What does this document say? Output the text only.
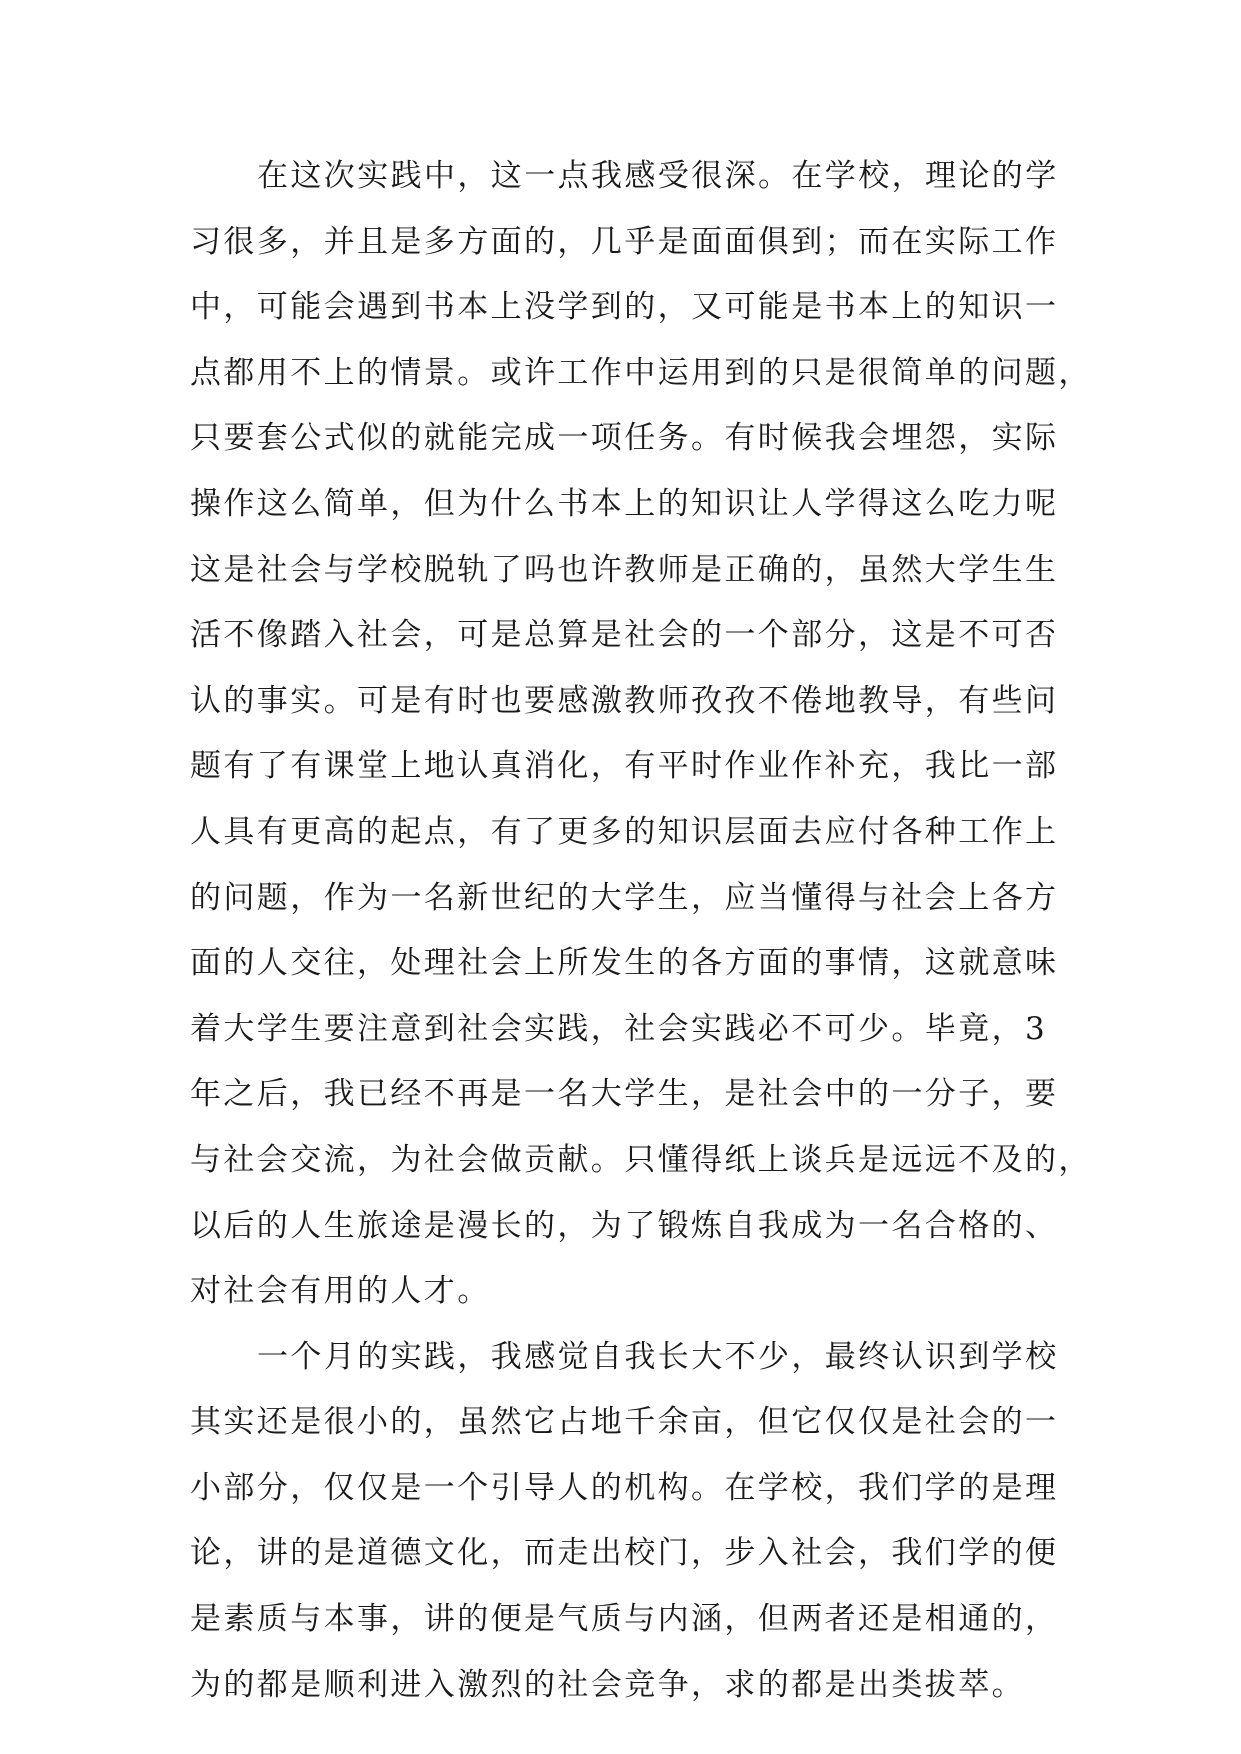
在这次实践中，这一点我感受很深。在学校，理论的学
习很多，并且是多方面的，几乎是面面俱到；而在实际工作
中，可能会遇到书本上没学到的，又可能是书本上的知识一
点都用不上的情景。或许工作中运用到的只是很简单的问题，
只要套公式似的就能完成一项任务。有时候我会埋怨，实际
操作这么简单，但为什么书本上的知识让人学得这么吃力呢
这是社会与学校脱轨了吗也许教师是正确的，虽然大学生生
活不像踏入社会，可是总算是社会的一个部分，这是不可否
认的事实。可是有时也要感激教师孜孜不倦地教导，有些问
题有了有课堂上地认真消化，有平时作业作补充，我比一部
人具有更高的起点，有了更多的知识层面去应付各种工作上
的问题，作为一名新世纪的大学生，应当懂得与社会上各方
面的人交往，处理社会上所发生的各方面的事情，这就意味
着大学生要注意到社会实践，社会实践必不可少。毕竟，3
年之后，我已经不再是一名大学生，是社会中的一分子，要
与社会交流，为社会做贡献。只懂得纸上谈兵是远远不及的，
以后的人生旅途是漫长的，为了锻炼自我成为一名合格的、
对社会有用的人才。
一个月的实践，我感觉自我长大不少，最终认识到学校
其实还是很小的，虽然它占地千余亩，但它仅仅是社会的一
小部分，仅仅是一个引导人的机构。在学校，我们学的是理
论，讲的是道德文化，而走出校门，步入社会，我们学的便
是素质与本事，讲的便是气质与内涵，但两者还是相通的，
为的都是顺利进入激烈的社会竞争，求的都是出类拔萃。
